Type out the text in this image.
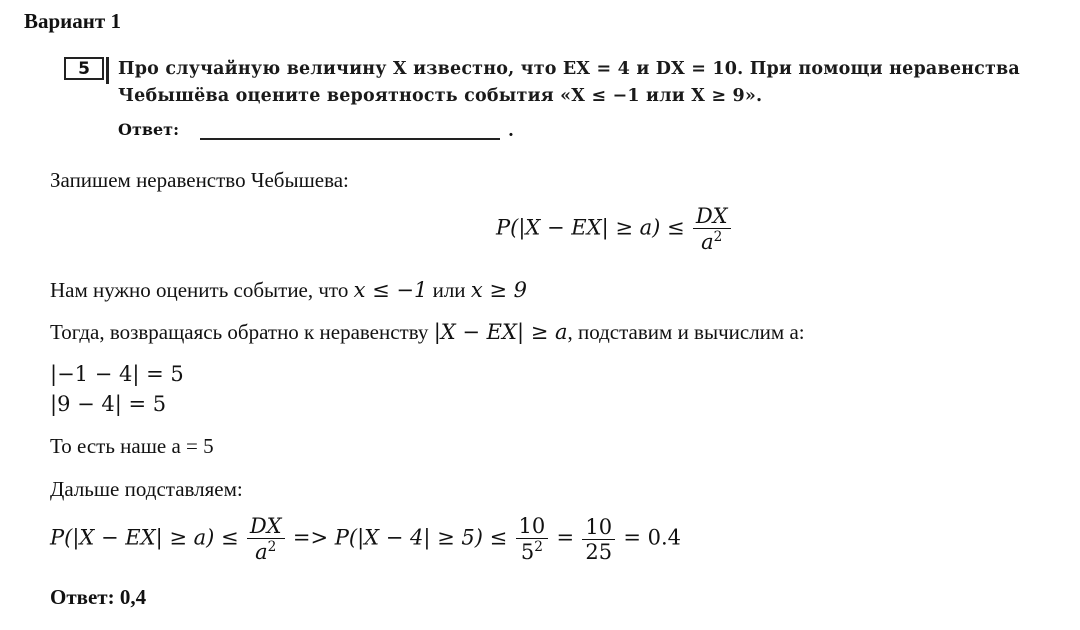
Вариант 1
5	Про случайную величину X известно, что EX = 4 и DX = 10. При помощи неравенства
Чебышёва оцените вероятность события «X ≤ −1 или X ≥ 9».
Ответ:	.
Запишем неравенство Чебышева:
$P(|X - EX| \ge a) \le \frac{DX}{a^2}$
Нам нужно оценить событие, что x ≤ −1 или x ≥ 9
Тогда, возвращаясь обратно к неравенству |X − EX| ≥ a, подставим и вычислим а:
|−1 − 4| = 5
|9 − 4| = 5
То есть наше а = 5
Дальше подставляем:
$P(|X - EX| \ge a) \le \frac{DX}{a^2} => P(|X - 4| \ge 5) \le \frac{10}{5^2} = \frac{10}{25} = 0.4$
Ответ: 0,4
